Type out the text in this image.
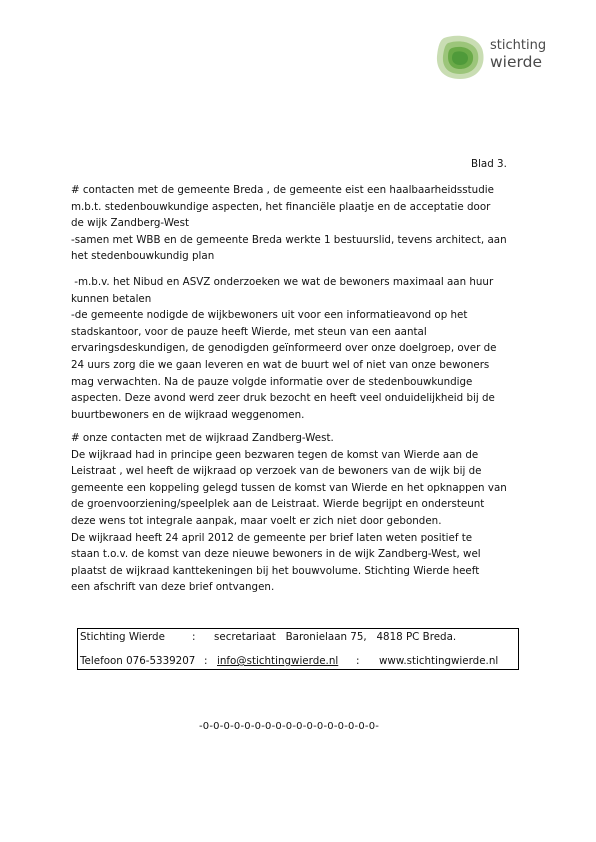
stichting
wierde
Blad 3.

# contacten met de gemeente Breda , de gemeente eist een haalbaarheidsstudie

m.b.t. stedenbouwkundige aspecten, het financiële plaatje en de acceptatie door

de wijk Zandberg-West

-samen met WBB en de gemeente Breda werkte 1 bestuurslid, tevens architect, aan

het stedenbouwkundig plan

-m.b.v. het Nibud en ASVZ onderzoeken we wat de bewoners maximaal aan huur

kunnen betalen

-de gemeente nodigde de wijkbewoners uit voor een informatieavond op het

stadskantoor, voor de pauze heeft Wierde, met steun van een aantal

ervaringsdeskundigen, de genodigden geïnformeerd over onze doelgroep, over de

24 uurs zorg die we gaan leveren en wat de buurt wel of niet van onze bewoners

mag verwachten. Na de pauze volgde informatie over de stedenbouwkundige

aspecten. Deze avond werd zeer druk bezocht en heeft veel onduidelijkheid bij de

buurtbewoners en de wijkraad weggenomen.

# onze contacten met de wijkraad Zandberg-West.

De wijkraad had in principe geen bezwaren tegen de komst van Wierde aan de

Leistraat , wel heeft de wijkraad op verzoek van de bewoners van de wijk bij de

gemeente een koppeling gelegd tussen de komst van Wierde en het opknappen van

de groenvoorziening/speelplek aan de Leistraat. Wierde begrijpt en ondersteunt

deze wens tot integrale aanpak, maar voelt er zich niet door gebonden.

De wijkraad heeft 24 april 2012 de gemeente per brief laten weten positief te

staan t.o.v. de komst van deze nieuwe bewoners in de wijk Zandberg-West, wel

plaatst de wijkraad kanttekeningen bij het bouwvolume. Stichting Wierde heeft

een afschrift van deze brief ontvangen.

Stichting Wierde	: secretariaat   Baronielaan 75,   4818 PC Breda.
Telefoon 076-5339207 : info@stichtingwierde.nl : www.stichtingwierde.nl
-0-0-0-0-0-0-0-0-0-0-0-0-0-0-0-0-0-
